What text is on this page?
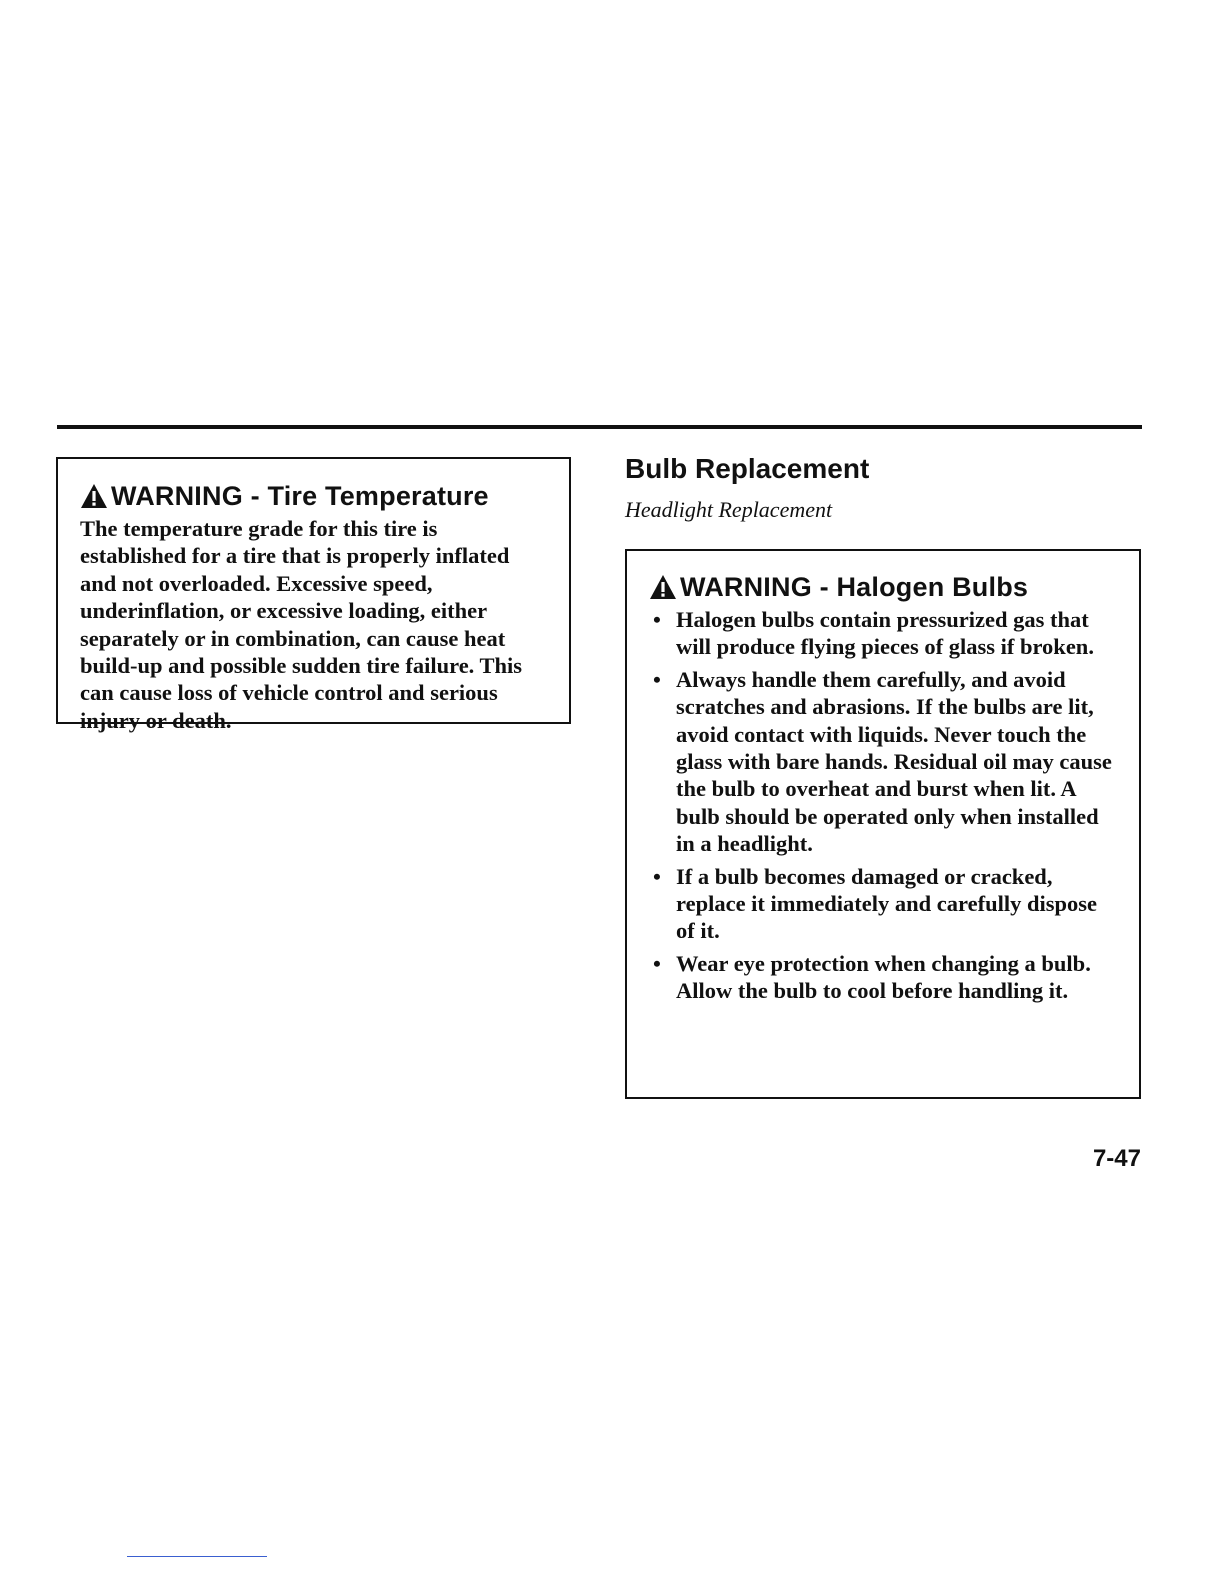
WARNING - Tire Temperature

The temperature grade for this tire is established for a tire that is properly inflated and not overloaded. Excessive speed, underinflation, or excessive loading, either separately or in combination, can cause heat build-up and possible sudden tire failure. This can cause loss of vehicle control and serious injury or death.

Bulb Replacement
Headlight Replacement
WARNING - Halogen Bulbs
• Halogen bulbs contain pressurized gas that will produce flying pieces of glass if broken.
• Always handle them carefully, and avoid scratches and abrasions. If the bulbs are lit, avoid contact with liquids. Never touch the glass with bare hands. Residual oil may cause the bulb to overheat and burst when lit. A bulb should be operated only when installed in a headlight.
• If a bulb becomes damaged or cracked, replace it immediately and carefully dispose of it.
• Wear eye protection when changing a bulb. Allow the bulb to cool before handling it.
7-47
